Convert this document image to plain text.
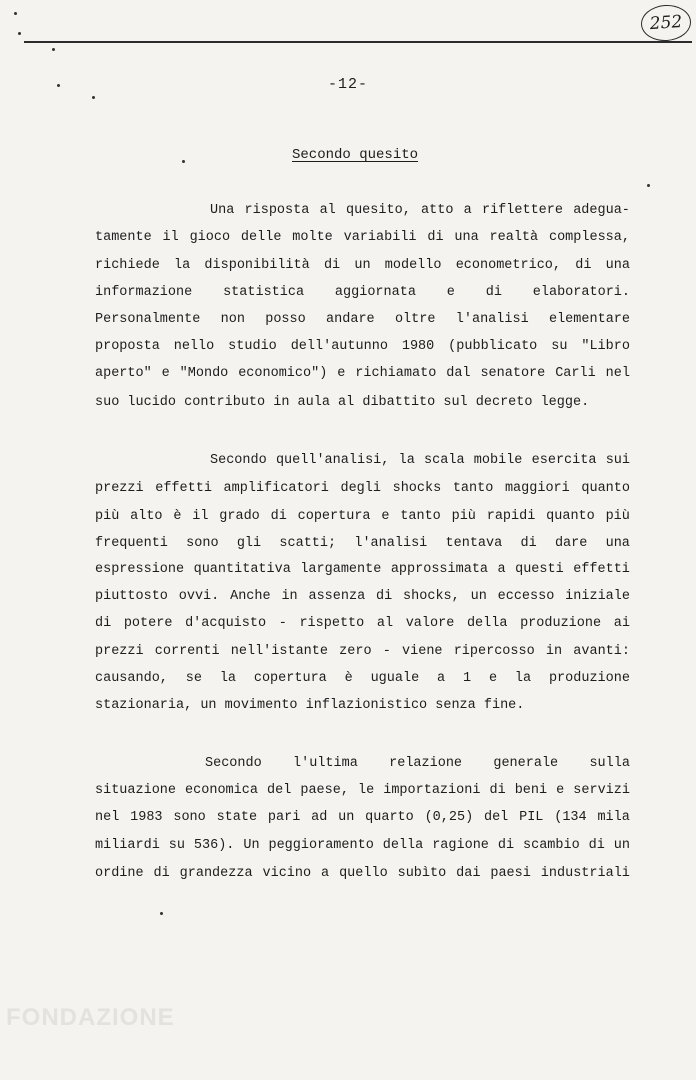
252
-12-
Secondo quesito
Una risposta al quesito, atto a riflettere adegua-
tamente il gioco delle molte variabili di una realtà complessa,
richiede la disponibilità di un modello econometrico, di una
informazione statistica aggiornata e di elaboratori.
Personalmente non posso andare oltre l'analisi elementare
proposta nello studio dell'autunno 1980 (pubblicato su "Libro
aperto" e "Mondo economico") e richiamato dal senatore Carli nel
suo lucido contributo in aula al dibattito sul decreto legge.
Secondo quell'analisi, la scala mobile esercita sui
prezzi effetti amplificatori degli shocks tanto maggiori quanto
più alto è il grado di copertura e tanto più rapidi quanto più
frequenti sono gli scatti; l'analisi tentava di dare una
espressione quantitativa largamente approssimata a questi effetti
piuttosto ovvi. Anche in assenza di shocks, un eccesso iniziale
di potere d'acquisto - rispetto al valore della produzione ai
prezzi correnti nell'istante zero - viene ripercosso in avanti:
causando, se la copertura è uguale a 1 e la produzione
stazionaria, un movimento inflazionistico senza fine.
Secondo l'ultima relazione generale sulla
situazione economica del paese, le importazioni di beni e servizi
nel 1983 sono state pari ad un quarto (0,25) del PIL (134 mila
miliardi su 536). Un peggioramento della ragione di scambio di un
ordine di grandezza vicino a quello subìto dai paesi industriali
FONDAZIONE
